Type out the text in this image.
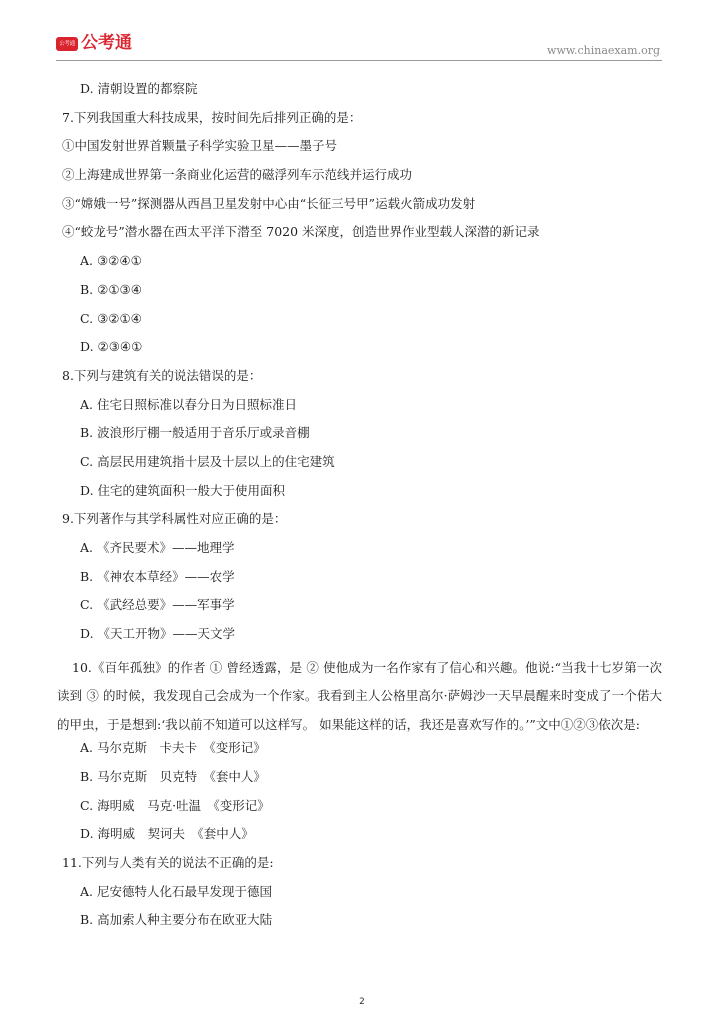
公考通 公考通	www.chinaexam.org
D. 清朝设置的都察院
7.下列我国重大科技成果，按时间先后排列正确的是：
①中国发射世界首颗量子科学实验卫星——墨子号
②上海建成世界第一条商业化运营的磁浮列车示范线并运行成功
③“嫦娥一号”探测器从西昌卫星发射中心由“长征三号甲”运载火箭成功发射
④“蛟龙号”潜水器在西太平洋下潜至 7020 米深度，创造世界作业型载人深潜的新记录
A. ③②④①
B. ②①③④
C. ③②①④
D. ②③④①
8.下列与建筑有关的说法错误的是：
A. 住宅日照标准以春分日为日照标准日
B. 波浪形厅棚一般适用于音乐厅或录音棚
C. 高层民用建筑指十层及十层以上的住宅建筑
D. 住宅的建筑面积一般大于使用面积
9.下列著作与其学科属性对应正确的是：
A. 《齐民要术》——地理学
B. 《神农本草经》——农学
C. 《武经总要》——军事学
D. 《天工开物》——天文学

10.《百年孤独》的作者 ① 曾经透露，是 ② 使他成为一名作家有了信心和兴趣。他说:“当我十七岁第一次读到 ③ 的时候，我发现自己会成为一个作家。我看到主人公格里高尔·萨姆沙一天早晨醒来时变成了一个偌大的甲虫，于是想到:‘我以前不知道可以这样写。 如果能这样的话，我还是喜欢写作的。’”文中①②③依次是:

A. 马尔克斯　卡夫卡　《变形记》
B. 马尔克斯　贝克特　《套中人》
C. 海明威　马克·吐温　《变形记》
D. 海明威　契诃夫　《套中人》
11.下列与人类有关的说法不正确的是:
A. 尼安德特人化石最早发现于德国
B. 高加索人种主要分布在欧亚大陆
2
